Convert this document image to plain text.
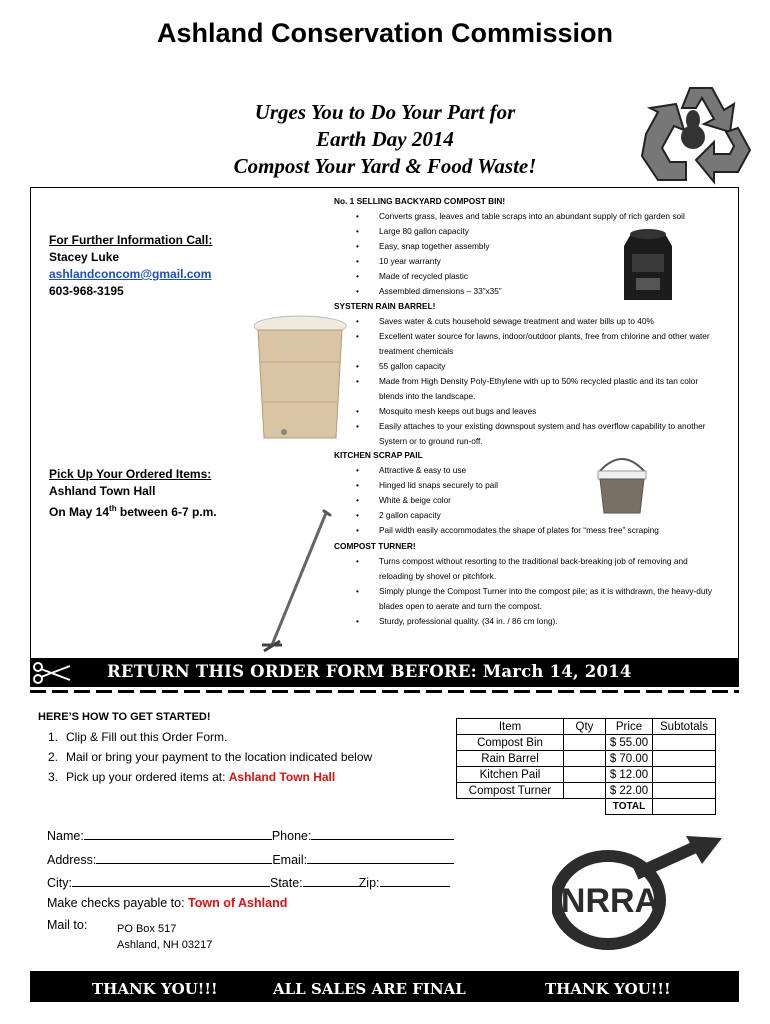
Ashland Conservation Commission
Urges You to Do Your Part for
Earth Day 2014
Compost Your Yard & Food Waste!
For Further Information Call:
Stacey Luke
ashlandconcom@gmail.com
603-968-3195
Pick Up Your Ordered Items:
Ashland Town Hall
On May 14th between 6-7 p.m.
No. 1 SELLING BACKYARD COMPOST BIN!
• Converts grass, leaves and table scraps into an abundant supply of rich garden soil
• Large 80 gallon capacity
• Easy, snap together assembly
• 10 year warranty
• Made of recycled plastic
• Assembled dimensions – 33”x35”
SYSTERN RAIN BARREL!
• Saves water & cuts household sewage treatment and water bills up to 40%
• Excellent water source for lawns, indoor/outdoor plants, free from chlorine and other water treatment chemicals
• 55 gallon capacity
• Made from High Density Poly-Ethylene with up to 50% recycled plastic and its tan color blends into the landscape.
• Mosquito mesh keeps out bugs and leaves
• Easily attaches to your existing downspout system and has overflow capability to another Systern or to ground run-off.
KITCHEN SCRAP PAIL
• Attractive & easy to use
• Hinged lid snaps securely to pail
• White & beige color
• 2 gallon capacity
• Pail width easily accommodates the shape of plates for “mess free” scraping
COMPOST TURNER!
• Turns compost without resorting to the traditional back-breaking job of removing and reloading by shovel or pitchfork.
• Simply plunge the Compost Turner into the compost pile; as it is withdrawn, the heavy-duty blades open to aerate and turn the compost.
• Sturdy, professional quality. (34 in. / 86 cm long).
RETURN THIS ORDER FORM BEFORE: March 14, 2014
HERE’S HOW TO GET STARTED!
1. Clip & Fill out this Order Form.
2. Mail or bring your payment to the location indicated below
3. Pick up your ordered items at: Ashland Town Hall
Item	Qty	Price	Subtotals
Compost Bin		$ 55.00	
Rain Barrel		$ 70.00	
Kitchen Pail		$ 12.00	
Compost Turner		$ 22.00	
		TOTAL	
Name:	Phone:
Address:	Email:
City:	State:	Zip:
Make checks payable to: Town of Ashland
Mail to:	PO Box 517
Ashland, NH 03217
NRRA
THANK YOU!!!	ALL SALES ARE FINAL	THANK YOU!!!
